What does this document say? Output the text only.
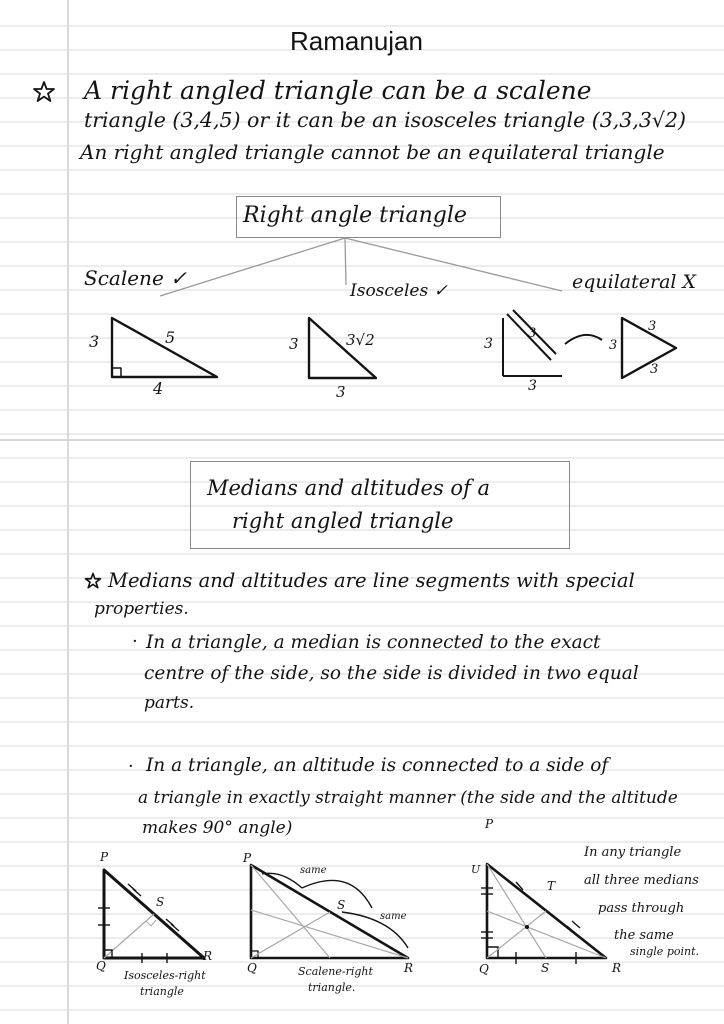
Ramanujan
A right angled triangle can be a scalene
triangle (3,4,5) or it can be an isosceles triangle (3,3,3√2)
An right angled triangle cannot be an equilateral triangle
Right angle triangle
Scalene ✓
Isosceles ✓	equilateral X
3	5
4
3	3√2
3
3
3
3
3
3
3
Medians and altitudes of a
right angled triangle
Medians and altitudes are line segments with special
properties.
· In a triangle, a median is connected to the exact
centre of the side, so the side is divided in two equal
parts.
· In a triangle, an altitude is connected to a side of
a triangle in exactly straight manner (the side and the altitude
makes 90° angle)
P
Q
R
S
Isosceles-right
triangle
P
Q	R
S
same
same
Scalene-right
triangle.
P
Q	R
S
T
U
In any triangle
all three medians
pass through
the same
single point.
